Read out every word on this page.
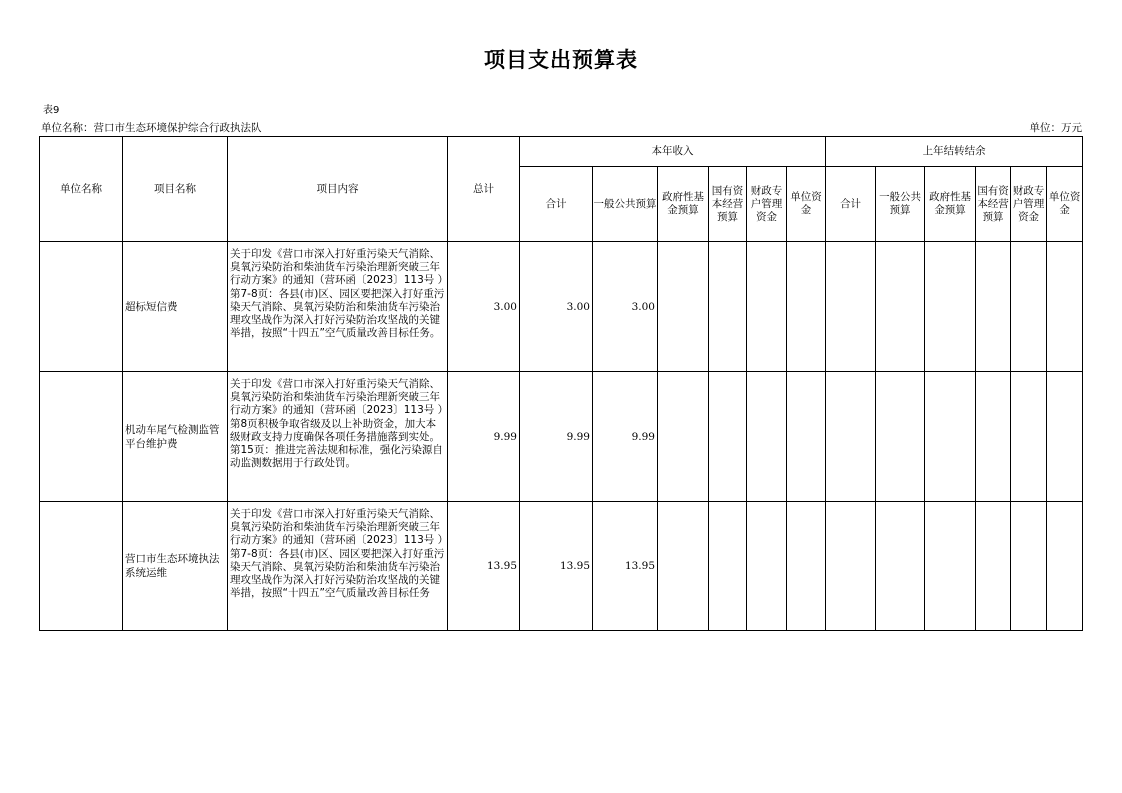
项目支出预算表
表9
单位名称：营口市生态环境保护综合行政执法队	单位：万元
单位名称	项目名称	项目内容	总计	本年收入						上年结转结余					
				合计	一般公共预算	政府性基金预算	国有资本经营预算	财政专户管理资金	单位资金	合计	一般公共预算	政府性基金预算	国有资本经营预算	财政专户管理资金	单位资金
	超标短信费	关于印发《营口市深入打好重污染天气消除、臭氧污染防治和柴油货车污染治理新突破三年行动方案》的通知（营环函〔2023〕113号 ）第7-8页：各县(市)区、园区要把深入打好重污染天气消除、臭氧污染防治和柴油货车污染治理攻坚战作为深入打好污染防治攻坚战的关键举措，按照“十四五”空气质量改善目标任务。	3.00	3.00	3.00										
	机动车尾气检测监管平台维护费	关于印发《营口市深入打好重污染天气消除、臭氧污染防治和柴油货车污染治理新突破三年行动方案》的通知（营环函〔2023〕113号 ）第8页积极争取省级及以上补助资金，加大本级财政支持力度确保各项任务措施落到实处。第15页：推进完善法规和标准，强化污染源自动监测数据用于行政处罚。	9.99	9.99	9.99										
	营口市生态环境执法系统运维	关于印发《营口市深入打好重污染天气消除、臭氧污染防治和柴油货车污染治理新突破三年行动方案》的通知（营环函〔2023〕113号 ）第7-8页：各县(市)区、园区要把深入打好重污染天气消除、臭氧污染防治和柴油货车污染治理攻坚战作为深入打好污染防治攻坚战的关键举措，按照“十四五”空气质量改善目标任务	13.95	13.95	13.95										
